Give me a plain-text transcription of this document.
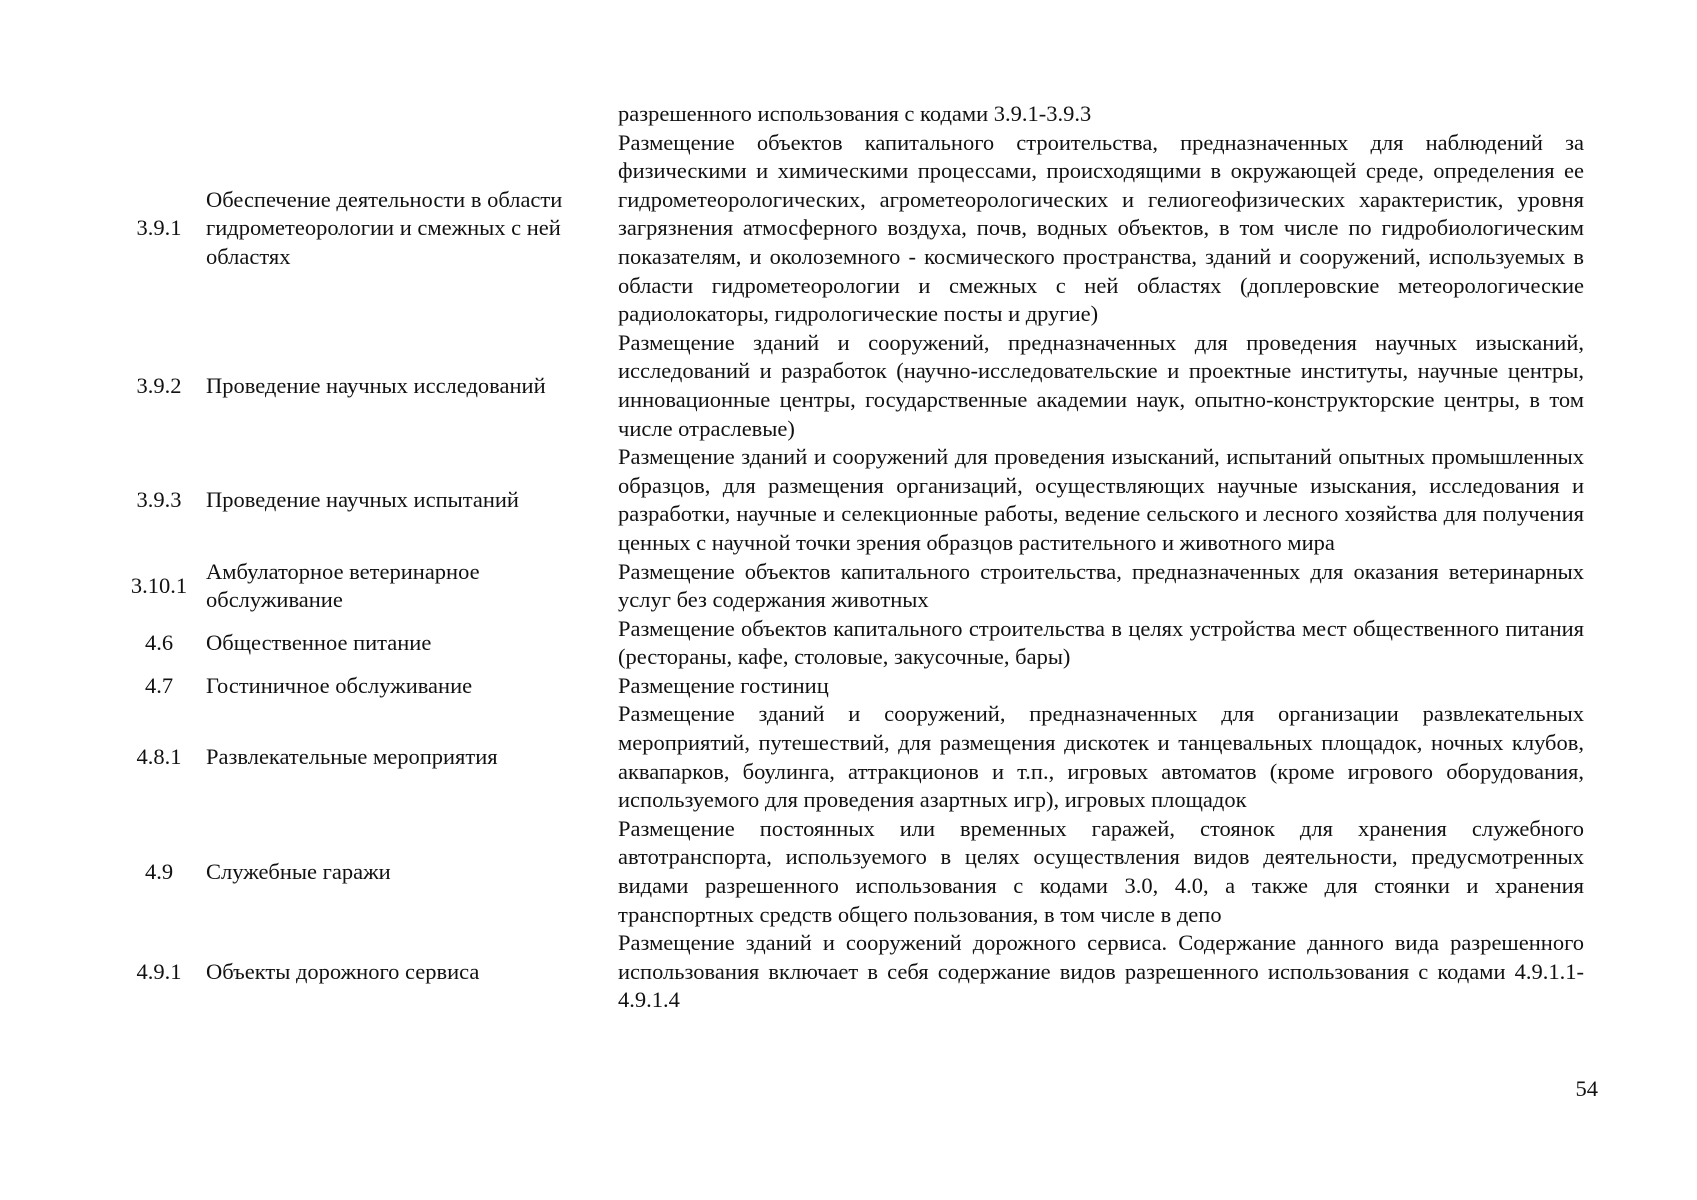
		разрешенного использования с кодами 3.9.1-3.9.3
3.9.1	Обеспечение деятельности в области гидрометеорологии и смежных с ней областях	Размещение объектов капитального строительства, предназначенных для наблюдений за физическими и химическими процессами, происходящими в окружающей среде, определения ее гидрометеорологических, агрометеорологических и гелиогеофизических характеристик, уровня загрязнения атмосферного воздуха, почв, водных объектов, в том числе по гидробиологическим показателям, и околоземного - космического пространства, зданий и сооружений, используемых в области гидрометеорологии и смежных с ней областях (доплеровские метеорологические радиолокаторы, гидрологические посты и другие)
3.9.2	Проведение научных исследований	Размещение зданий и сооружений, предназначенных для проведения научных изысканий, исследований и разработок (научно-исследовательские и проектные институты, научные центры, инновационные центры, государственные академии наук, опытно-конструкторские центры, в том числе отраслевые)
3.9.3	Проведение научных испытаний	Размещение зданий и сооружений для проведения изысканий, испытаний опытных промышленных образцов, для размещения организаций, осуществляющих научные изыскания, исследования и разработки, научные и селекционные работы, ведение сельского и лесного хозяйства для получения ценных с научной точки зрения образцов растительного и животного мира
3.10.1	Амбулаторное ветеринарное обслуживание	Размещение объектов капитального строительства, предназначенных для оказания ветеринарных услуг без содержания животных
4.6	Общественное питание	Размещение объектов капитального строительства в целях устройства мест общественного питания (рестораны, кафе, столовые, закусочные, бары)
4.7	Гостиничное обслуживание	Размещение гостиниц
4.8.1	Развлекательные мероприятия	Размещение зданий и сооружений, предназначенных для организации развлекательных мероприятий, путешествий, для размещения дискотек и танцевальных площадок, ночных клубов, аквапарков, боулинга, аттракционов и т.п., игровых автоматов (кроме игрового оборудования, используемого для проведения азартных игр), игровых площадок
4.9	Служебные гаражи	Размещение постоянных или временных гаражей, стоянок для хранения служебного автотранспорта, используемого в целях осуществления видов деятельности, предусмотренных видами разрешенного использования с кодами 3.0, 4.0, а также для стоянки и хранения транспортных средств общего пользования, в том числе в депо
4.9.1	Объекты дорожного сервиса	Размещение зданий и сооружений дорожного сервиса. Содержание данного вида разрешенного использования включает в себя содержание видов разрешенного использования с кодами 4.9.1.1-4.9.1.4
54
